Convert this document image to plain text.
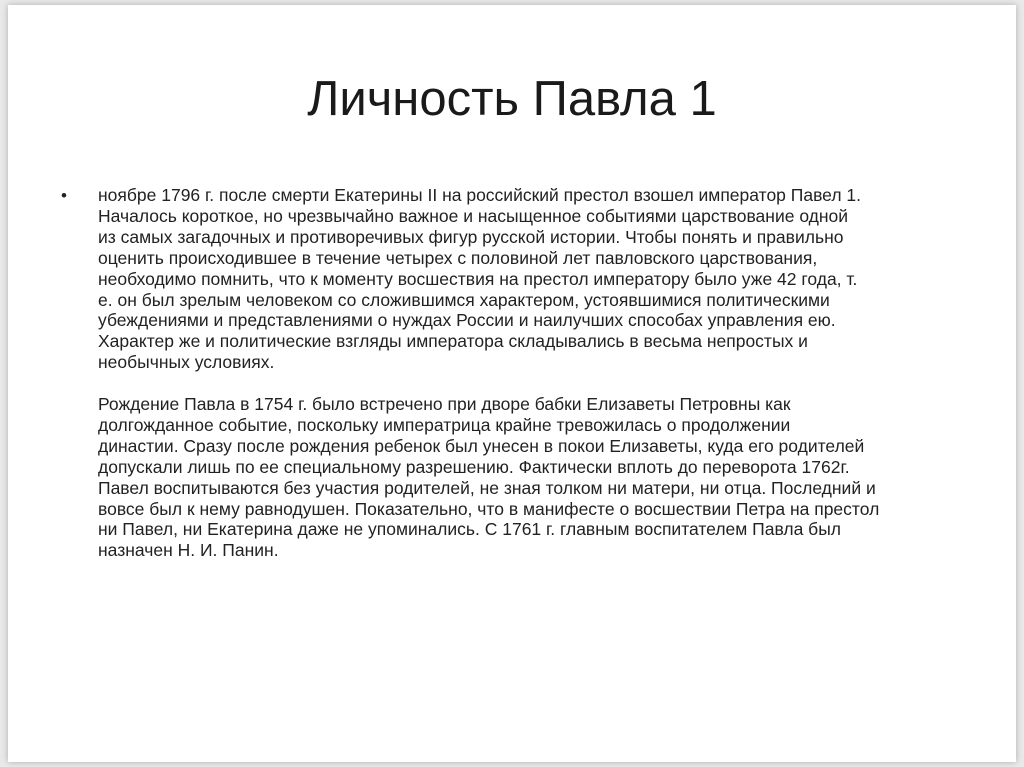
Личность Павла 1
• ноябре 1796 г. после смерти Екатерины II на российский престол взошел император Павел 1.
Началось короткое, но чрезвычайно важное и насыщенное событиями царствование одной
из самых загадочных и противоречивых фигур русской истории. Чтобы понять и правильно
оценить происходившее в течение четырех с половиной лет павловского царствования,
необходимо помнить, что к моменту восшествия на престол императору было уже 42 года, т.
е. он был зрелым человеком со сложившимся характером, устоявшимися политическими
убеждениями и представлениями о нуждах России и наилучших способах управления ею.
Характер же и политические взгляды императора складывались в весьма непростых и
необычных условиях.

Рождение Павла в 1754 г. было встречено при дворе бабки Елизаветы Петровны как
долгожданное событие, поскольку императрица крайне тревожилась о продолжении
династии. Сразу после рождения ребенок был унесен в покои Елизаветы, куда его родителей
допускали лишь по ее специальному разрешению. Фактически вплоть до переворота 1762г.
Павел воспитываются без участия родителей, не зная толком ни матери, ни отца. Последний и
вовсе был к нему равнодушен. Показательно, что в манифесте о восшествии Петра на престол
ни Павел, ни Екатерина даже не упоминались. С 1761 г. главным воспитателем Павла был
назначен Н. И. Панин.
